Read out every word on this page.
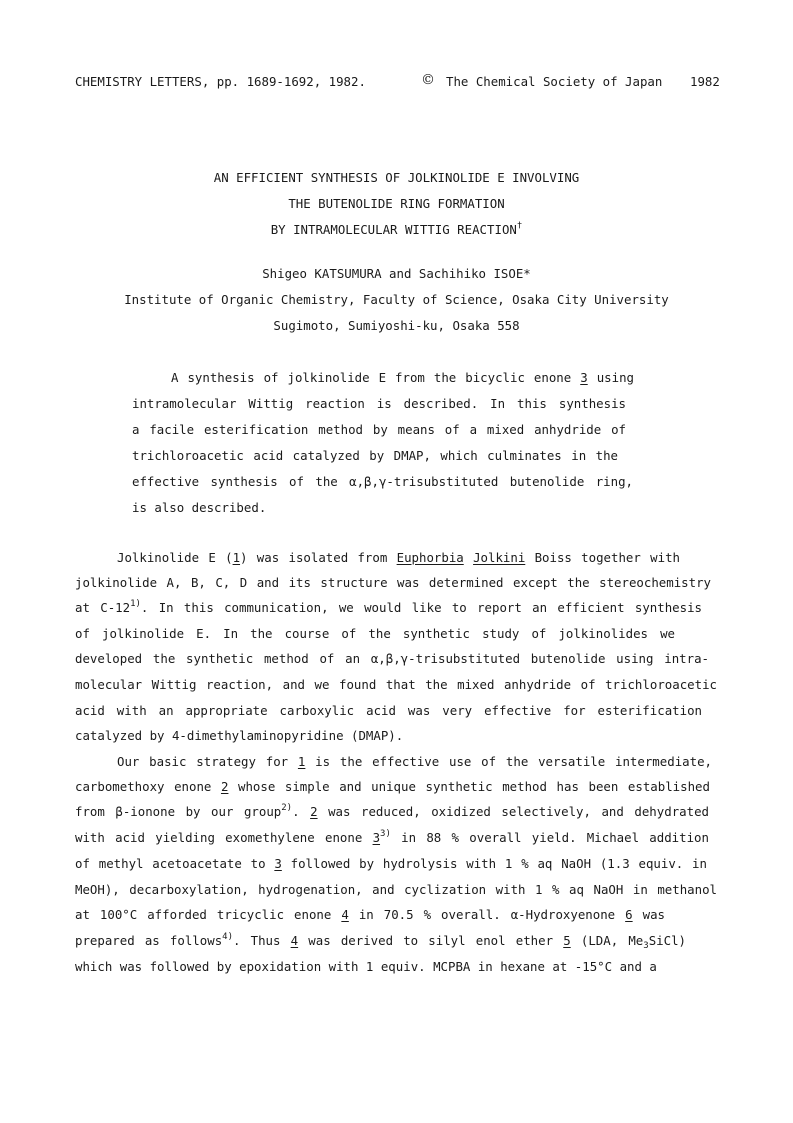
CHEMISTRY LETTERS, pp. 1689-1692, 1982.	© The Chemical Society of Japan 1982
AN EFFICIENT SYNTHESIS OF JOLKINOLIDE E INVOLVING
THE BUTENOLIDE RING FORMATION
BY INTRAMOLECULAR WITTIG REACTION†
Shigeo KATSUMURA and Sachihiko ISOE*
Institute of Organic Chemistry, Faculty of Science, Osaka City University
Sugimoto, Sumiyoshi-ku, Osaka 558
A synthesis of jolkinolide E from the bicyclic enone 3 using
intramolecular Wittig reaction is described. In this synthesis
a facile esterification method by means of a mixed anhydride of
trichloroacetic acid catalyzed by DMAP, which culminates in the
effective synthesis of the α,β,γ-trisubstituted butenolide ring,
is also described.
Jolkinolide E (1) was isolated from Euphorbia Jolkini Boiss together with
jolkinolide A, B, C, D and its structure was determined except the stereochemistry
at C-12$^{1)}$. In this communication, we would like to report an efficient synthesis
of jolkinolide E. In the course of the synthetic study of jolkinolides we
developed the synthetic method of an α,β,γ-trisubstituted butenolide using intra-
molecular Wittig reaction, and we found that the mixed anhydride of trichloroacetic
acid with an appropriate carboxylic acid was very effective for esterification
catalyzed by 4-dimethylaminopyridine (DMAP).
Our basic strategy for 1 is the effective use of the versatile intermediate,
carbomethoxy enone 2 whose simple and unique synthetic method has been established
from β-ionone by our group$^{2)}$. 2 was reduced, oxidized selectively, and dehydrated
with acid yielding exomethylene enone 3$^{3)}$ in 88 % overall yield. Michael addition
of methyl acetoacetate to 3 followed by hydrolysis with 1 % aq NaOH (1.3 equiv. in
MeOH), decarboxylation, hydrogenation, and cyclization with 1 % aq NaOH in methanol
at 100°C afforded tricyclic enone 4 in 70.5 % overall. α-Hydroxyenone 6 was
prepared as follows$^{4)}$. Thus 4 was derived to silyl enol ether 5 (LDA, $Me_3SiCl$)
which was followed by epoxidation with 1 equiv. MCPBA in hexane at -15°C and a
